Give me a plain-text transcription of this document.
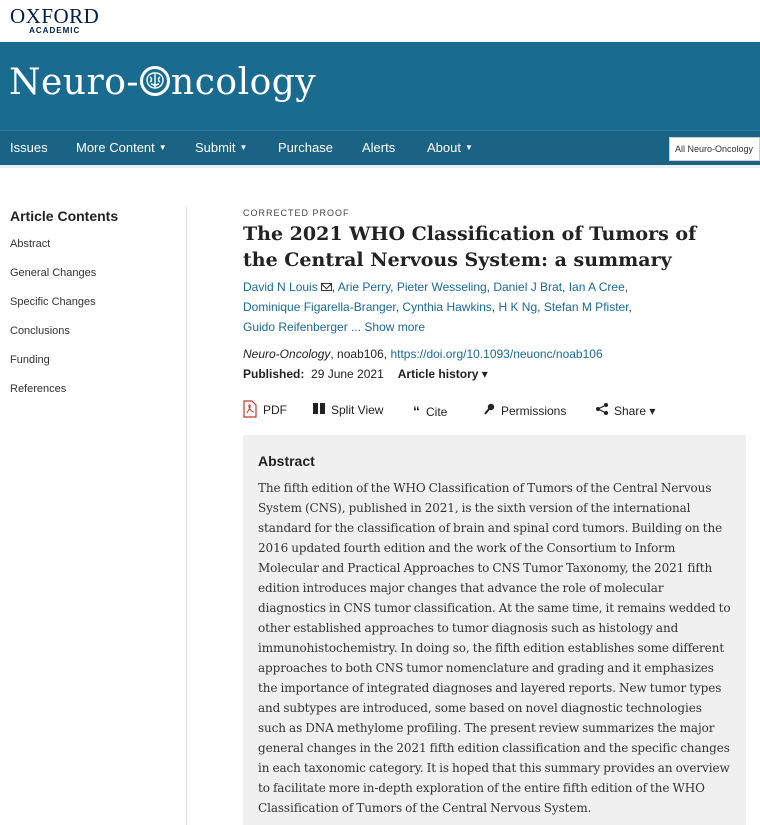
OXFORD
ACADEMIC
Neuro- ncology
Issues More Content ▼ Submit ▼ Purchase Alerts About ▼	All Neuro-Oncology
Article Contents
Abstract
General Changes
Specific Changes
Conclusions
Funding
References
CORRECTED PROOF
The 2021 WHO Classification of Tumors of the Central Nervous System: a summary
David N Louis , Arie Perry, Pieter Wesseling, Daniel J Brat, Ian A Cree,
Dominique Figarella-Branger, Cynthia Hawkins, H K Ng, Stefan M Pfister,
Guido Reifenberger ... Show more
Neuro-Oncology, noab106, https://doi.org/10.1093/neuonc/noab106
Published: 29 June 2021 Article history ▾
PDF	Split View “ Cite	Permissions	Share ▾
Abstract

The fifth edition of the WHO Classification of Tumors of the Central Nervous System (CNS), published in 2021, is the sixth version of the international standard for the classification of brain and spinal cord tumors. Building on the 2016 updated fourth edition and the work of the Consortium to Inform Molecular and Practical Approaches to CNS Tumor Taxonomy, the 2021 fifth edition introduces major changes that advance the role of molecular diagnostics in CNS tumor classification. At the same time, it remains wedded to other established approaches to tumor diagnosis such as histology and immunohistochemistry. In doing so, the fifth edition establishes some different approaches to both CNS tumor nomenclature and grading and it emphasizes the importance of integrated diagnoses and layered reports. New tumor types and subtypes are introduced, some based on novel diagnostic technologies such as DNA methylome profiling. The present review summarizes the major general changes in the 2021 fifth edition classification and the specific changes in each taxonomic category. It is hoped that this summary provides an overview to facilitate more in-depth exploration of the entire fifth edition of the WHO Classification of Tumors of the Central Nervous System.
